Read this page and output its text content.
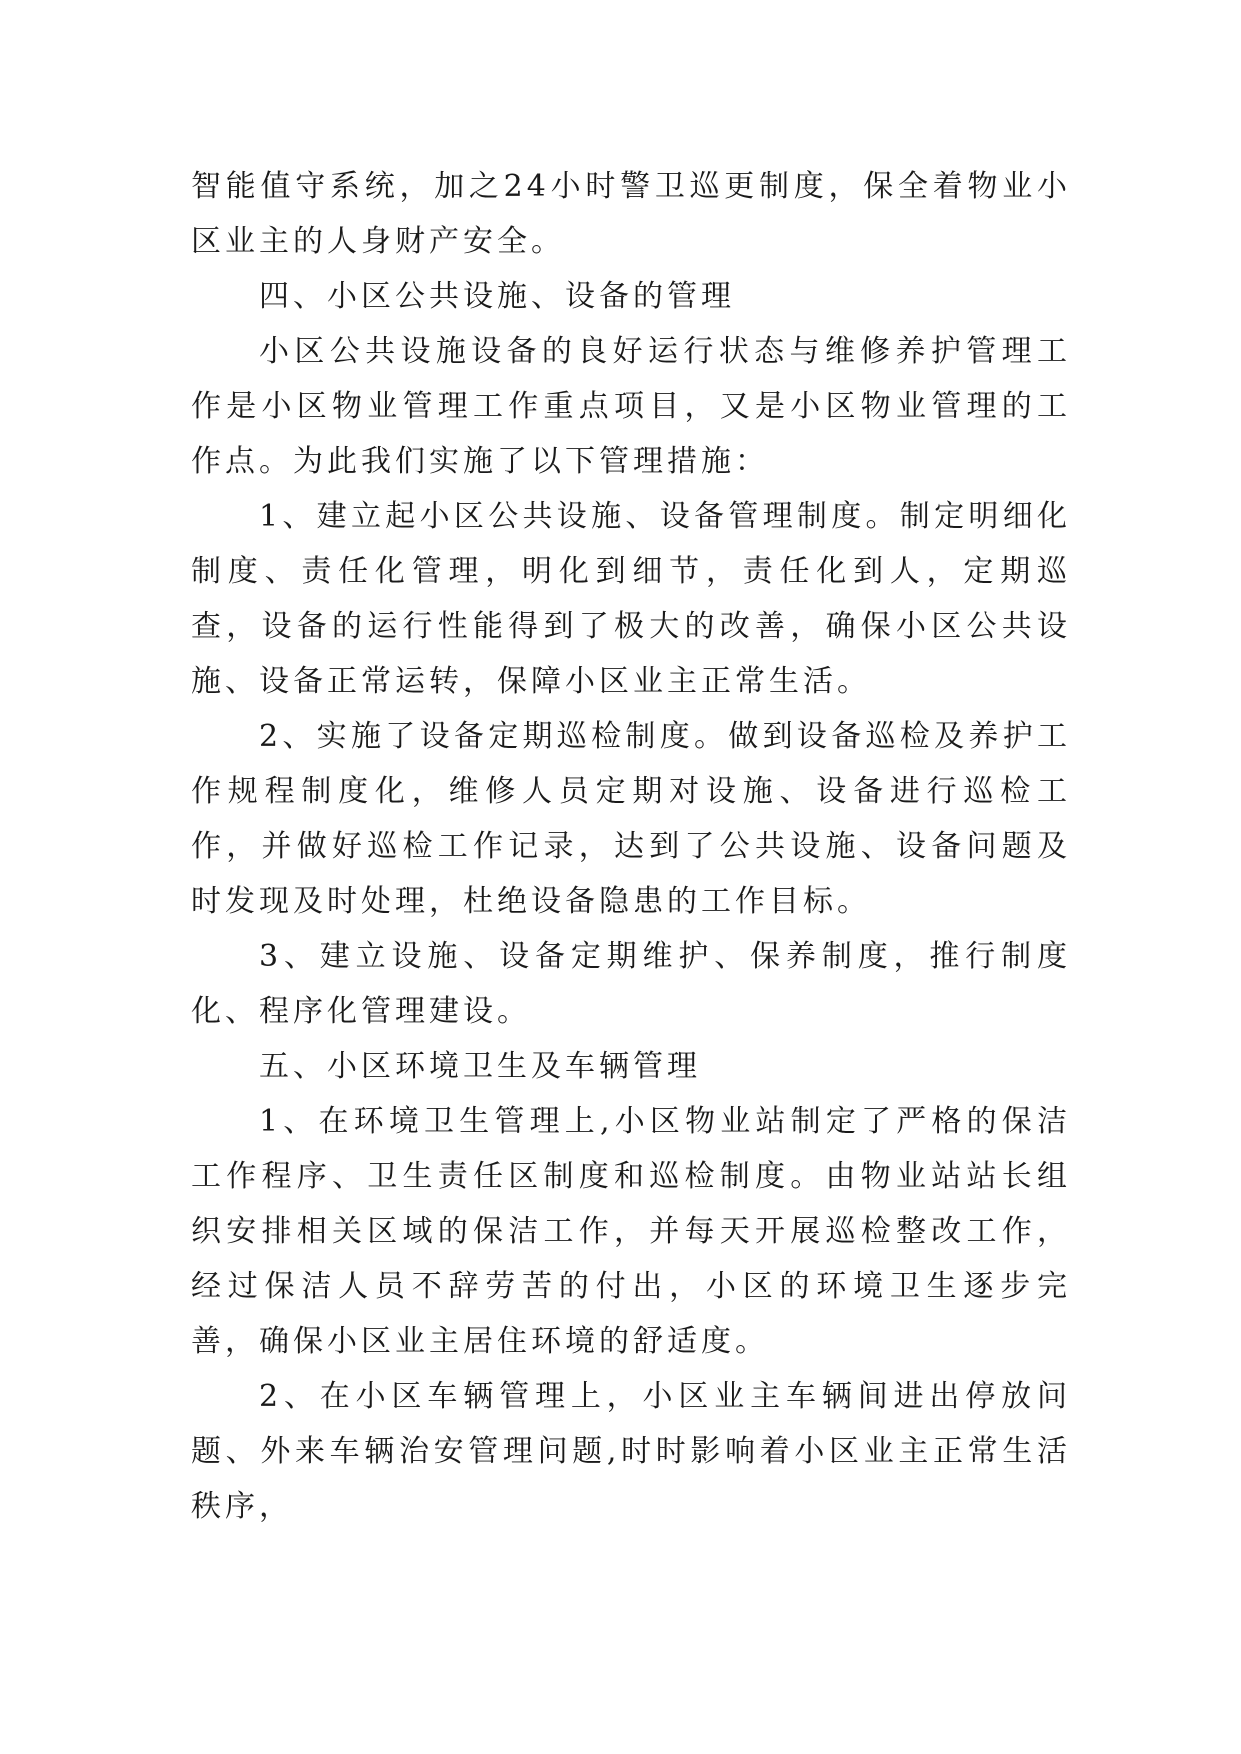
智能值守系统，加之24小时警卫巡更制度，保全着物业小区业主的人身财产安全。

四、小区公共设施、设备的管理

小区公共设施设备的良好运行状态与维修养护管理工作是小区物业管理工作重点项目，又是小区物业管理的工作点。为此我们实施了以下管理措施：

1、建立起小区公共设施、设备管理制度。制定明细化制度、责任化管理，明化到细节，责任化到人，定期巡查，设备的运行性能得到了极大的改善，确保小区公共设施、设备正常运转，保障小区业主正常生活。

2、实施了设备定期巡检制度。做到设备巡检及养护工作规程制度化，维修人员定期对设施、设备进行巡检工作，并做好巡检工作记录，达到了公共设施、设备问题及时发现及时处理，杜绝设备隐患的工作目标。

3、建立设施、设备定期维护、保养制度，推行制度化、程序化管理建设。

五、小区环境卫生及车辆管理

1、在环境卫生管理上,小区物业站制定了严格的保洁工作程序、卫生责任区制度和巡检制度。由物业站站长组织安排相关区域的保洁工作，并每天开展巡检整改工作，经过保洁人员不辞劳苦的付出，小区的环境卫生逐步完善，确保小区业主居住环境的舒适度。

2、在小区车辆管理上，小区业主车辆间进出停放问题、外来车辆治安管理问题,时时影响着小区业主正常生活秩序，
